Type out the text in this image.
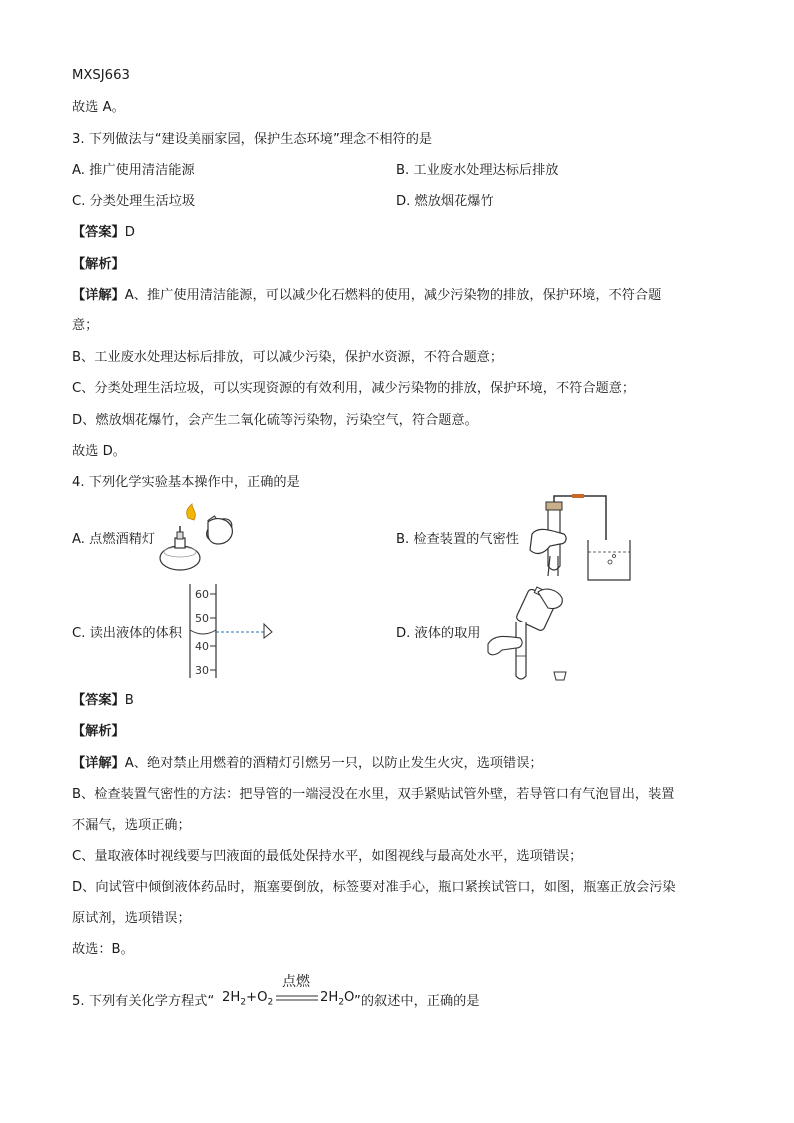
MXSJ663
故选 A。
3. 下列做法与“建设美丽家园，保护生态环境”理念不相符的是
A. 推广使用清洁能源	B. 工业废水处理达标后排放
C. 分类处理生活垃圾	D. 燃放烟花爆竹
【答案】D
【解析】
【详解】A、推广使用清洁能源，可以减少化石燃料的使用，减少污染物的排放，保护环境，不符合题
意；
B、工业废水处理达标后排放，可以减少污染，保护水资源，不符合题意；
C、分类处理生活垃圾，可以实现资源的有效利用，减少污染物的排放，保护环境，不符合题意；
D、燃放烟花爆竹，会产生二氧化硫等污染物，污染空气，符合题意。
故选 D。
4. 下列化学实验基本操作中，正确的是
A. 点燃酒精灯	B. 检查装置的气密性
C. 读出液体的体积
60
50
40
30
D. 液体的取用
【答案】B
【解析】
【详解】A、绝对禁止用燃着的酒精灯引燃另一只，以防止发生火灾，选项错误；
B、检查装置气密性的方法：把导管的一端浸没在水里，双手紧贴试管外壁，若导管口有气泡冒出，装置
不漏气，选项正确；
C、量取液体时视线要与凹液面的最低处保持水平，如图视线与最高处水平，选项错误；
D、向试管中倾倒液体药品时，瓶塞要倒放，标签要对准手心，瓶口紧挨试管口，如图，瓶塞正放会污染
原试剂，选项错误；
故选：B。
5. 下列有关化学方程式“ $2H_2+O_2$
点燃
$2H_2O$ ”的叙述中，正确的是
